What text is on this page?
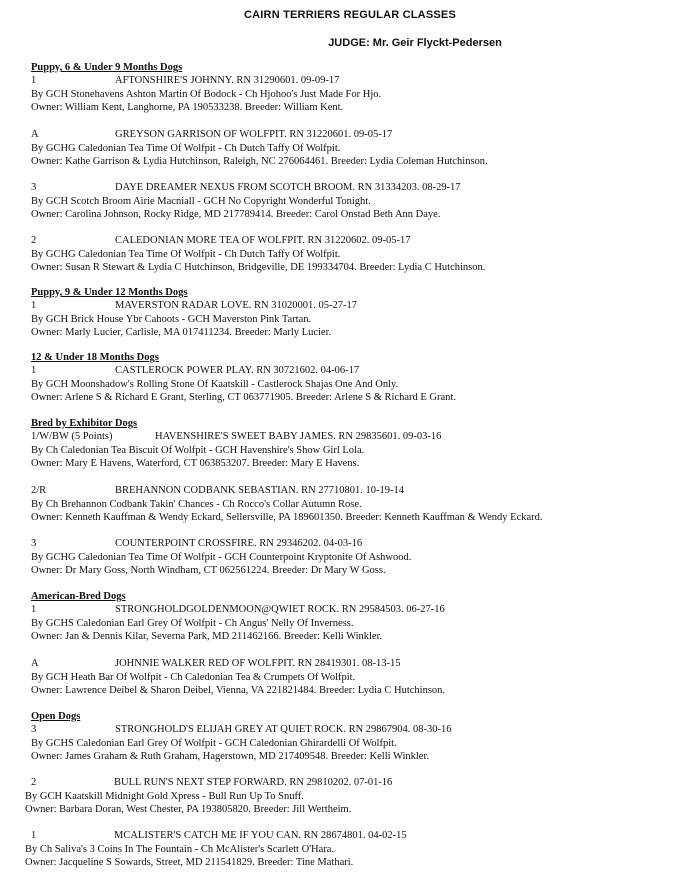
CAIRN TERRIERS REGULAR CLASSES
JUDGE: Mr. Geir Flyckt-Pedersen
Puppy, 6 & Under 9 Months Dogs
1	AFTONSHIRE'S JOHNNY. RN 31290601. 09-09-17
By GCH Stonehavens Ashton Martin Of Bodock - Ch Hjohoo's Just Made For Hjo.
Owner: William Kent, Langhorne, PA 190533238. Breeder: William Kent.
A	GREYSON GARRISON OF WOLFPIT. RN 31220601. 09-05-17
By GCHG Caledonian Tea Time Of Wolfpit - Ch Dutch Taffy Of Wolfpit.
Owner: Kathe Garrison & Lydia Hutchinson, Raleigh, NC 276064461. Breeder: Lydia Coleman Hutchinson.
3	DAYE DREAMER NEXUS FROM SCOTCH BROOM. RN 31334203. 08-29-17
By GCH Scotch Broom Airie Macniall - GCH No Copyright Wonderful Tonight.
Owner: Carolina Johnson, Rocky Ridge, MD 217789414. Breeder: Carol Onstad Beth Ann Daye.
2	CALEDONIAN MORE TEA OF WOLFPIT. RN 31220602. 09-05-17
By GCHG Caledonian Tea Time Of Wolfpit - Ch Dutch Taffy Of Wolfpit.
Owner: Susan R Stewart & Lydia C Hutchinson, Bridgeville, DE 199334704. Breeder: Lydia C Hutchinson.
Puppy, 9 & Under 12 Months Dogs
1	MAVERSTON RADAR LOVE. RN 31020001. 05-27-17
By GCH Brick House Ybr Cahoots - GCH Maverston Pink Tartan.
Owner: Marly Lucier, Carlisle, MA 017411234. Breeder: Marly Lucier.
12 & Under 18 Months Dogs
1	CASTLEROCK POWER PLAY. RN 30721602. 04-06-17
By GCH Moonshadow's Rolling Stone Of Kaatskill - Castlerock Shajas One And Only.
Owner: Arlene S & Richard E Grant, Sterling, CT 063771905. Breeder: Arlene S & Richard E Grant.
Bred by Exhibitor Dogs
1/W/BW (5 Points)	HAVENSHIRE'S SWEET BABY JAMES. RN 29835601. 09-03-16
By Ch Caledonian Tea Biscuit Of Wolfpit - GCH Havenshire's Show Girl Lola.
Owner: Mary E Havens, Waterford, CT 063853207. Breeder: Mary E Havens.
2/R	BREHANNON CODBANK SEBASTIAN. RN 27710801. 10-19-14
By Ch Brehannon Codbank Takin' Chances - Ch Rocco's Collar Autumn Rose.
Owner: Kenneth Kauffman & Wendy Eckard, Sellersville, PA 189601350. Breeder: Kenneth Kauffman & Wendy Eckard.
3	COUNTERPOINT CROSSFIRE. RN 29346202. 04-03-16
By GCHG Caledonian Tea Time Of Wolfpit - GCH Counterpoint Kryptonite Of Ashwood.
Owner: Dr Mary Goss, North Windham, CT 062561224. Breeder: Dr Mary W Goss.
American-Bred Dogs
1	STRONGHOLDGOLDENMOON@QWIET ROCK. RN 29584503. 06-27-16
By GCHS Caledonian Earl Grey Of Wolfpit - Ch Angus' Nelly Of Inverness.
Owner: Jan & Dennis Kilar, Severna Park, MD 211462166. Breeder: Kelli Winkler.
A	JOHNNIE WALKER RED OF WOLFPIT. RN 28419301. 08-13-15
By GCH Heath Bar Of Wolfpit - Ch Caledonian Tea & Crumpets Of Wolfpit.
Owner: Lawrence Deibel & Sharon Deibel, Vienna, VA 221821484. Breeder: Lydia C Hutchinson.
Open Dogs
3	STRONGHOLD'S ELIJAH GREY AT QUIET ROCK. RN 29867904. 08-30-16
By GCHS Caledonian Earl Grey Of Wolfpit - GCH Caledonian Ghirardelli Of Wolfpit.
Owner: James Graham & Ruth Graham, Hagerstown, MD 217409548. Breeder: Kelli Winkler.
2	BULL RUN'S NEXT STEP FORWARD. RN 29810202. 07-01-16
By GCH Kaatskill Midnight Gold Xpress - Bull Run Up To Snuff.
Owner: Barbara Doran, West Chester, PA 193805820. Breeder: Jill Wertheim.
1	MCALISTER'S CATCH ME IF YOU CAN. RN 28674801. 04-02-15
By Ch Saliva's 3 Coins In The Fountain - Ch McAlister's Scarlett O'Hara.
Owner: Jacqueline S Sowards, Street, MD 211541829. Breeder: Tine Mathari.
